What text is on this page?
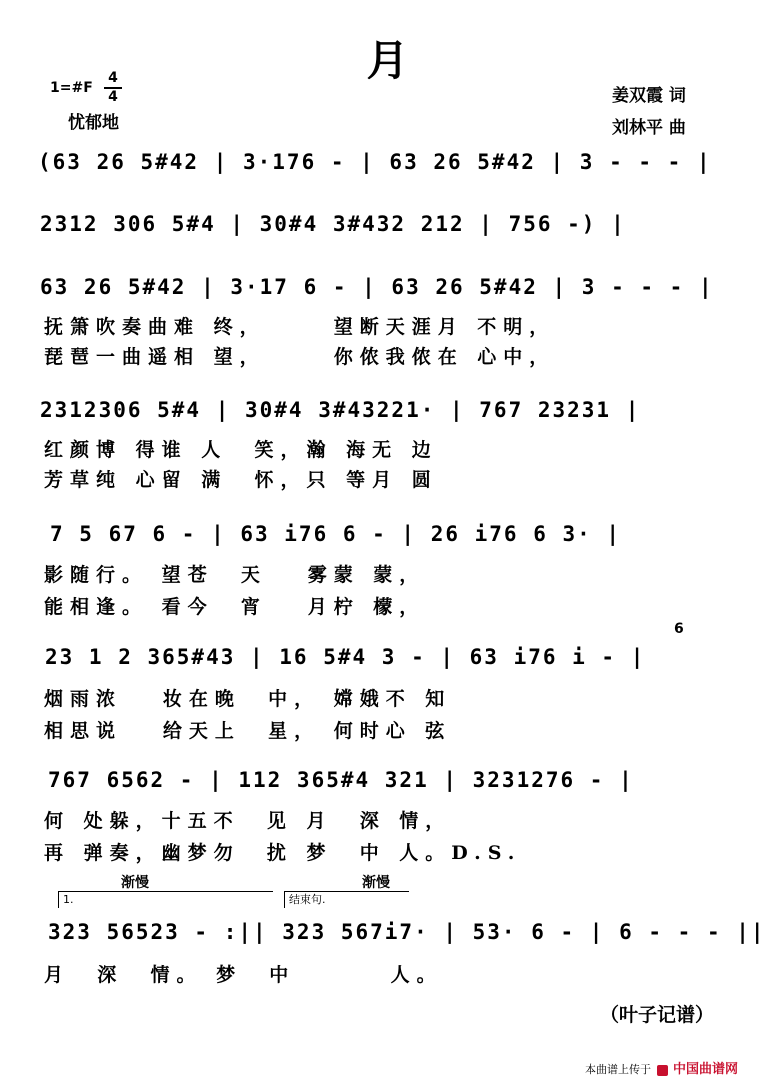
月
1=#F
4
4
忧郁地
姜双霞 词
刘林平 曲
(63 26 5#42 | 3·176 - | 63 26 5#42 | 3 - - - |
2312 306 5#4 | 30#4 3#432 212 | 756 -) |
63 26 5#42 | 3·17 6 - | 63 26 5#42 | 3 - - - |
抚箫吹奏曲难 终，     望断天涯月 不明，
琵琶一曲遥相 望，     你侬我侬在 心中，
2312306 5#4 | 30#4 3#43221· | 767 23231 |
红颜博 得谁 人  笑，瀚 海无 边
芳草纯 心留 满  怀，只 等月 圆
7 5 67 6 - | 63 i76 6 - | 26 i76 6 3· |
影随行。 望苍  天   雾蒙 蒙，
能相逢。 看今  宵   月柠 檬，
23 1 2 365#43 | 16 5#4 3 - | 63 i76 i - |
6
烟雨浓   妆在晚  中， 嫦娥不 知
相思说   给天上  星， 何时心 弦
767 6562 - | 112 365#4 321 | 3231276 - |
何 处躲，十五不  见 月  深 情，
再 弹奏，幽梦勿  扰 梦  中 人。D.S.
渐慢	渐慢
1.	结束句.
323 56523 - :|| 323 567i7· | 53· 6 - | 6 - - - ||
月  深  情。 梦  中       人。
（叶子记谱）
本曲谱上传于 中国曲谱网
